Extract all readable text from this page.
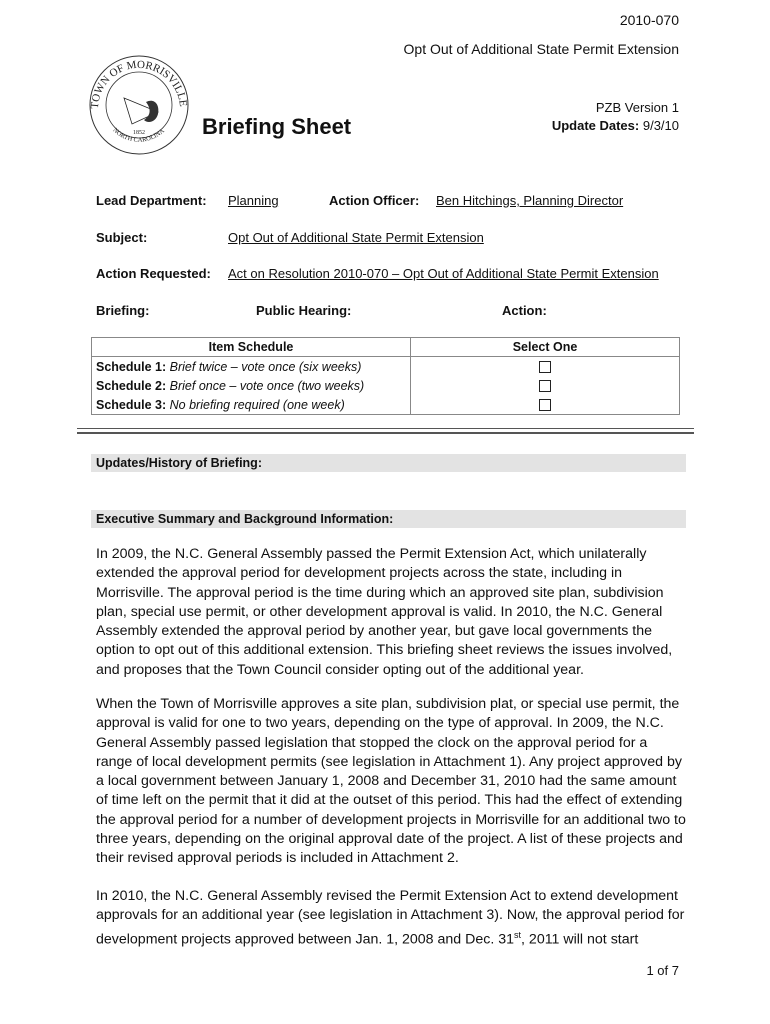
2010-070
Opt Out of Additional State Permit Extension
TOWN OF MORRISVILLE
NORTH CAROLINA
1852	Briefing Sheet
PZB Version 1
Update Dates: 9/3/10
Lead Department: Planning	Action Officer: Ben Hitchings, Planning Director
Subject:	Opt Out of Additional State Permit Extension
Action Requested: Act on Resolution 2010-070 – Opt Out of Additional State Permit Extension
Briefing:	Public Hearing:	Action:
Item Schedule	Select One
Schedule 1: Brief twice – vote once (six weeks)	
Schedule 2: Brief once – vote once (two weeks)	
Schedule 3: No briefing required (one week)	
Updates/History of Briefing:
Executive Summary and Background Information:

In 2009, the N.C. General Assembly passed the Permit Extension Act, which unilaterally extended the approval period for development projects across the state, including in Morrisville. The approval period is the time during which an approved site plan, subdivision plan, special use permit, or other development approval is valid. In 2010, the N.C. General Assembly extended the approval period by another year, but gave local governments the option to opt out of this additional extension. This briefing sheet reviews the issues involved, and proposes that the Town Council consider opting out of the additional year.

When the Town of Morrisville approves a site plan, subdivision plat, or special use permit, the approval is valid for one to two years, depending on the type of approval. In 2009, the N.C. General Assembly passed legislation that stopped the clock on the approval period for a range of local development permits (see legislation in Attachment 1). Any project approved by a local government between January 1, 2008 and December 31, 2010 had the same amount of time left on the permit that it did at the outset of this period. This had the effect of extending the approval period for a number of development projects in Morrisville for an additional two to three years, depending on the original approval date of the project. A list of these projects and their revised approval periods is included in Attachment 2.

In 2010, the N.C. General Assembly revised the Permit Extension Act to extend development approvals for an additional year (see legislation in Attachment 3). Now, the approval period for development projects approved between Jan. 1, 2008 and Dec. 31st, 2011 will not start

1 of 7
